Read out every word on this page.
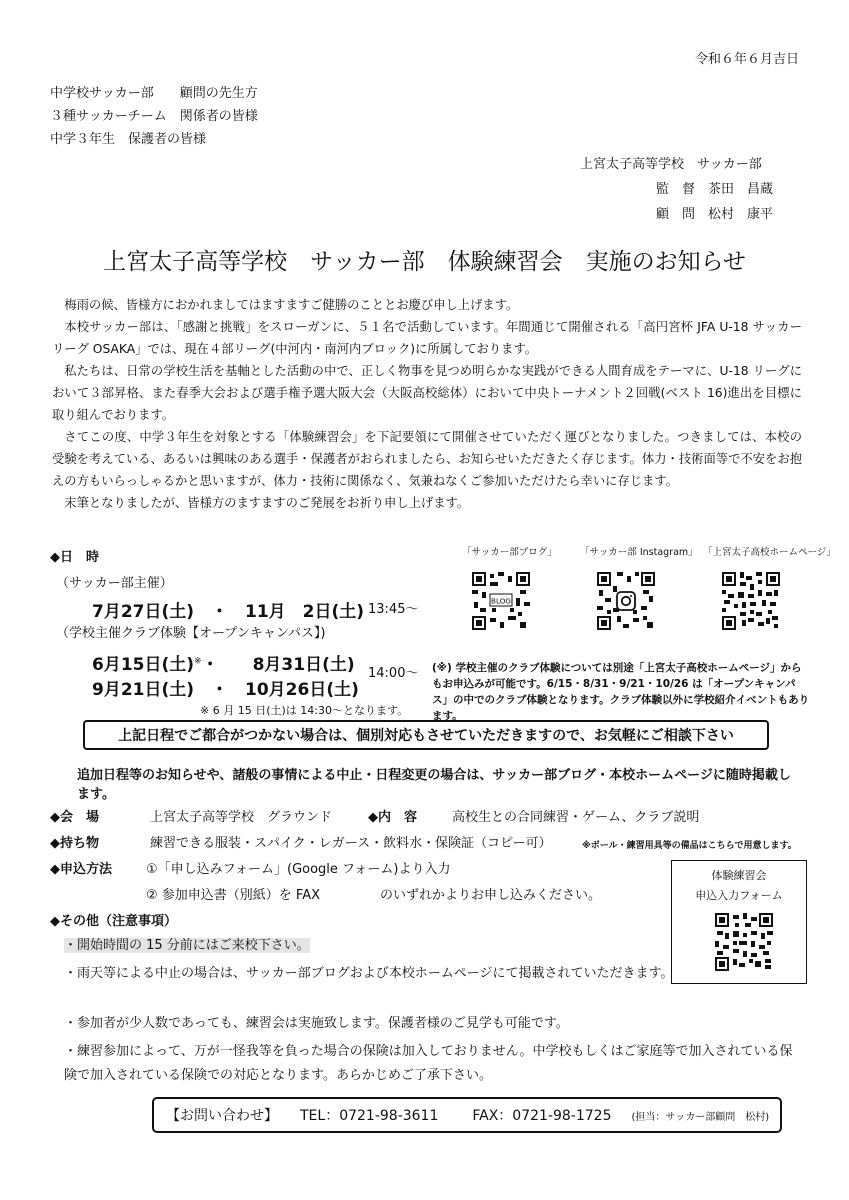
令和６年６月吉日
中学校サッカー部　　顧問の先生方
３種サッカーチーム　関係者の皆様
中学３年生　保護者の皆様
上宮太子高等学校　サッカー部
監　督　茶田　昌蔵
顧　問　松村　康平
上宮太子高等学校　サッカー部　体験練習会　実施のお知らせ

梅雨の候、皆様方におかれましてはますますご健勝のこととお慶び申し上げます。

本校サッカー部は、「感謝と挑戦」をスローガンに、５１名で活動しています。年間通じて開催される「高円宮杯 JFA U-18 サッカーリーグ OSAKA」では、現在４部リーグ(中河内・南河内ブロック)に所属しております。

私たちは、日常の学校生活を基軸とした活動の中で、正しく物事を見つめ明らかな実践ができる人間育成をテーマに、U-18 リーグにおいて３部昇格、また春季大会および選手権予選大阪大会（大阪高校総体）において中央トーナメント２回戦(ベスト 16)進出を目標に取り組んでおります。

さてこの度、中学３年生を対象とする「体験練習会」を下記要領にて開催させていただく運びとなりました。つきましては、本校の受験を考えている、あるいは興味のある選手・保護者がおられましたら、お知らせいただきたく存じます。体力・技術面等で不安をお抱えの方もいらっしゃるかと思いますが、体力・技術に関係なく、気兼ねなくご参加いただけたら幸いに存じます。

末筆となりましたが、皆様方のますますのご発展をお祈り申し上げます。

◆日　時
（サッカー部主催）
7月27日(土)　・　11月　2日(土) 13:45～
（学校主催クラブ体験【オープンキャンパス】)
6月15日(土)※・　　8月31日(土) 14:00～
9月21日(土)　・　10月26日(土)
※ 6 月 15 日(土)は 14:30～となります。
「サッカー部ブログ」 「サッカー部 Instagram」 「上宮太子高校ホームページ」
BLOG
(※) 学校主催のクラブ体験については別途「上宮太子高校ホームページ」からもお申込みが可能です。6/15・8/31・9/21・10/26 は「オープンキャンパス」の中でのクラブ体験となります。クラブ体験以外に学校紹介イベントもあります。
上記日程でご都合がつかない場合は、個別対応もさせていただきますので、お気軽にご相談下さい
追加日程等のお知らせや、諸般の事情による中止・日程変更の場合は、サッカー部ブログ・本校ホームページに随時掲載します。
◆会　場	上宮太子高等学校　グラウンド	◆内　容	高校生との合同練習・ゲーム、クラブ説明
◆持ち物	練習できる服装・スパイク・レガース・飲料水・保険証（コピー可）	※ボール・練習用具等の備品はこちらで用意します。
◆申込方法	①「申し込みフォーム」(Google フォーム)より入力
② 参加申込書（別紙）を FAX	のいずれかよりお申し込みください。
体験練習会
申込入力フォーム
◆その他（注意事項）
・開始時間の 15 分前にはご来校下さい。
・雨天等による中止の場合は、サッカー部ブログおよび本校ホームページにて掲載されていただきます。
・参加者が少人数であっても、練習会は実施致します。保護者様のご見学も可能です。
・練習参加によって、万が一怪我等を負った場合の保険は加入しておりません。中学校もしくはご家庭等で加入されている保険で加入されている保険での対応となります。あらかじめご了承下さい。
【お問い合わせ】 TEL：0721-98-3611 FAX：0721-98-1725 (担当：サッカー部顧問　松村)
